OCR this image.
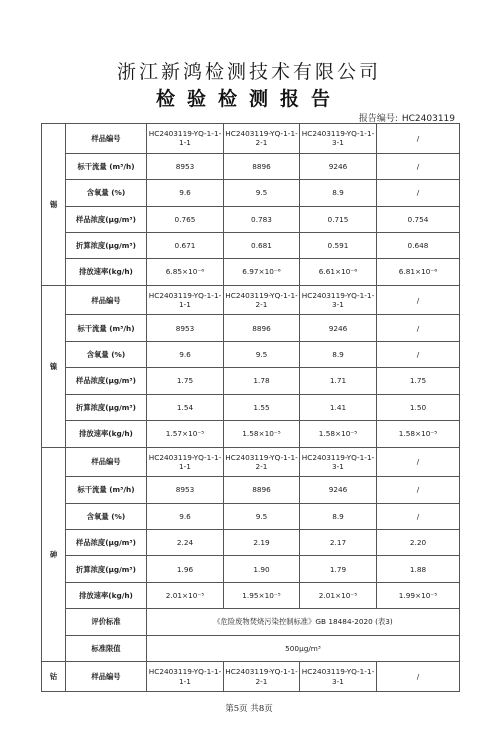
浙江新鸿检测技术有限公司
检验检测报告
报告编号: HC2403119
锡	样品编号	HC2403119-YQ-1-1-1-1	HC2403119-YQ-1-1-2-1	HC2403119-YQ-1-1-3-1	/
	标干流量 (m³/h)	8953	8896	9246	/
	含氧量 (%)	9.6	9.5	8.9	/
	样品浓度(μg/m³)	0.765	0.783	0.715	0.754
	折算浓度(μg/m³)	0.671	0.681	0.591	0.648
	排放速率(kg/h)	6.85×10⁻⁶	6.97×10⁻⁶	6.61×10⁻⁶	6.81×10⁻⁶
镍	样品编号	HC2403119-YQ-1-1-1-1	HC2403119-YQ-1-1-2-1	HC2403119-YQ-1-1-3-1	/
	标干流量 (m³/h)	8953	8896	9246	/
	含氧量 (%)	9.6	9.5	8.9	/
	样品浓度(μg/m³)	1.75	1.78	1.71	1.75
	折算浓度(μg/m³)	1.54	1.55	1.41	1.50
	排放速率(kg/h)	1.57×10⁻⁵	1.58×10⁻⁵	1.58×10⁻⁵	1.58×10⁻⁵
砷	样品编号	HC2403119-YQ-1-1-1-1	HC2403119-YQ-1-1-2-1	HC2403119-YQ-1-1-3-1	/
	标干流量 (m³/h)	8953	8896	9246	/
	含氧量 (%)	9.6	9.5	8.9	/
	样品浓度(μg/m³)	2.24	2.19	2.17	2.20
	折算浓度(μg/m³)	1.96	1.90	1.79	1.88
	排放速率(kg/h)	2.01×10⁻⁵	1.95×10⁻⁵	2.01×10⁻⁵	1.99×10⁻⁵
	评价标准	《危险废物焚烧污染控制标准》GB 18484-2020 (表3)			
	标准限值	500μg/m³			
钴	样品编号	HC2403119-YQ-1-1-1-1	HC2403119-YQ-1-1-2-1	HC2403119-YQ-1-1-3-1	/
第5页 共8页
